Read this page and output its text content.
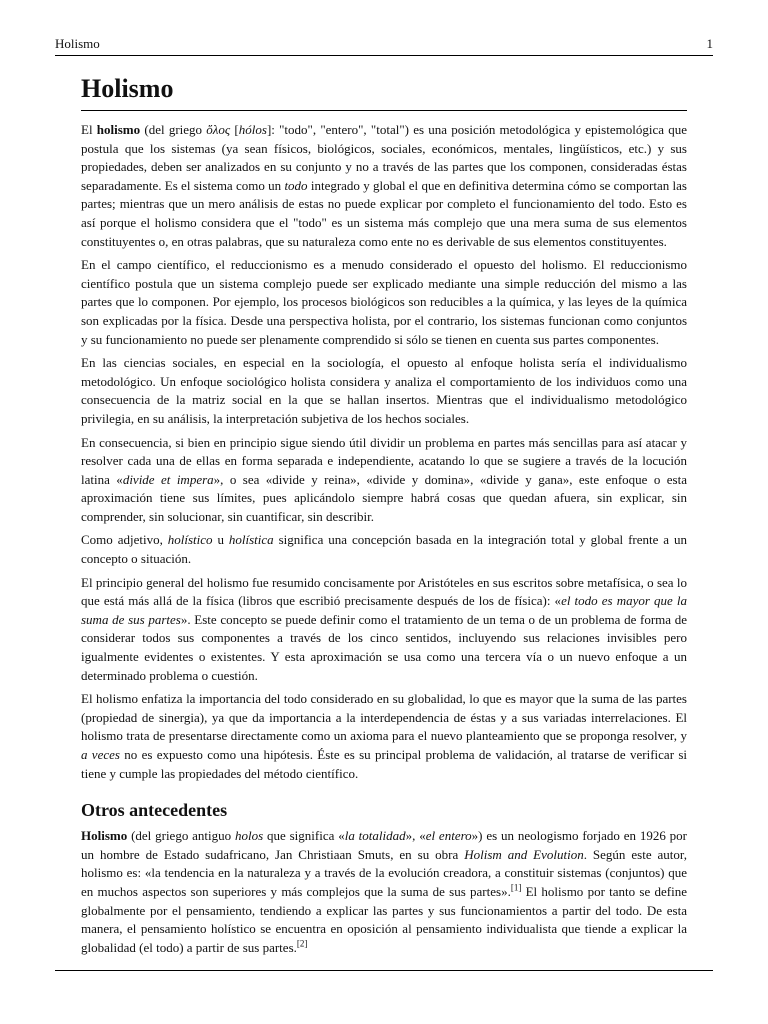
Holismo	1
Holismo

El holismo (del griego ὅλος [hólos]: "todo", "entero", "total") es una posición metodológica y epistemológica que postula que los sistemas (ya sean físicos, biológicos, sociales, económicos, mentales, lingüísticos, etc.) y sus propiedades, deben ser analizados en su conjunto y no a través de las partes que los componen, consideradas éstas separadamente. Es el sistema como un todo integrado y global el que en definitiva determina cómo se comportan las partes; mientras que un mero análisis de estas no puede explicar por completo el funcionamiento del todo. Esto es así porque el holismo considera que el "todo" es un sistema más complejo que una mera suma de sus elementos constituyentes o, en otras palabras, que su naturaleza como ente no es derivable de sus elementos constituyentes.

En el campo científico, el reduccionismo es a menudo considerado el opuesto del holismo. El reduccionismo científico postula que un sistema complejo puede ser explicado mediante una simple reducción del mismo a las partes que lo componen. Por ejemplo, los procesos biológicos son reducibles a la química, y las leyes de la química son explicadas por la física. Desde una perspectiva holista, por el contrario, los sistemas funcionan como conjuntos y su funcionamiento no puede ser plenamente comprendido si sólo se tienen en cuenta sus partes componentes.

En las ciencias sociales, en especial en la sociología, el opuesto al enfoque holista sería el individualismo metodológico. Un enfoque sociológico holista considera y analiza el comportamiento de los individuos como una consecuencia de la matriz social en la que se hallan insertos. Mientras que el individualismo metodológico privilegia, en su análisis, la interpretación subjetiva de los hechos sociales.

En consecuencia, si bien en principio sigue siendo útil dividir un problema en partes más sencillas para así atacar y resolver cada una de ellas en forma separada e independiente, acatando lo que se sugiere a través de la locución latina «divide et impera», o sea «divide y reina», «divide y domina», «divide y gana», este enfoque o esta aproximación tiene sus límites, pues aplicándolo siempre habrá cosas que quedan afuera, sin explicar, sin comprender, sin solucionar, sin cuantificar, sin describir.

Como adjetivo, holístico u holística significa una concepción basada en la integración total y global frente a un concepto o situación.

El principio general del holismo fue resumido concisamente por Aristóteles en sus escritos sobre metafísica, o sea lo que está más allá de la física (libros que escribió precisamente después de los de física): «el todo es mayor que la suma de sus partes». Este concepto se puede definir como el tratamiento de un tema o de un problema de forma de considerar todos sus componentes a través de los cinco sentidos, incluyendo sus relaciones invisibles pero igualmente evidentes o existentes. Y esta aproximación se usa como una tercera vía o un nuevo enfoque a un determinado problema o cuestión.

El holismo enfatiza la importancia del todo considerado en su globalidad, lo que es mayor que la suma de las partes (propiedad de sinergia), ya que da importancia a la interdependencia de éstas y a sus variadas interrelaciones. El holismo trata de presentarse directamente como un axioma para el nuevo planteamiento que se proponga resolver, y a veces no es expuesto como una hipótesis. Éste es su principal problema de validación, al tratarse de verificar si tiene y cumple las propiedades del método científico.

Otros antecedentes

Holismo (del griego antiguo holos que significa «la totalidad», «el entero») es un neologismo forjado en 1926 por un hombre de Estado sudafricano, Jan Christiaan Smuts, en su obra Holism and Evolution. Según este autor, holismo es: «la tendencia en la naturaleza y a través de la evolución creadora, a constituir sistemas (conjuntos) que en muchos aspectos son superiores y más complejos que la suma de sus partes».[1] El holismo por tanto se define globalmente por el pensamiento, tendiendo a explicar las partes y sus funcionamientos a partir del todo. De esta manera, el pensamiento holístico se encuentra en oposición al pensamiento individualista que tiende a explicar la globalidad (el todo) a partir de sus partes.[2]
